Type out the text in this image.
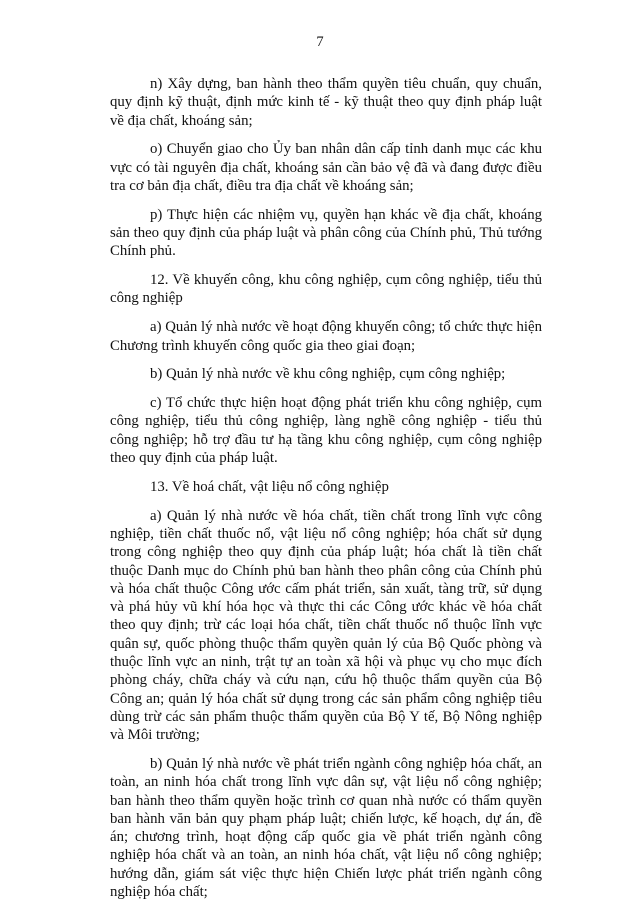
7

n) Xây dựng, ban hành theo thẩm quyền tiêu chuẩn, quy chuẩn, quy định kỹ thuật, định mức kinh tế - kỹ thuật theo quy định pháp luật về địa chất, khoáng sản;

o) Chuyển giao cho Ủy ban nhân dân cấp tỉnh danh mục các khu vực có tài nguyên địa chất, khoáng sản cần bảo vệ đã và đang được điều tra cơ bản địa chất, điều tra địa chất về khoáng sản;

p) Thực hiện các nhiệm vụ, quyền hạn khác về địa chất, khoáng sản theo quy định của pháp luật và phân công của Chính phủ, Thủ tướng Chính phủ.

12. Về khuyến công, khu công nghiệp, cụm công nghiệp, tiểu thủ công nghiệp

a) Quản lý nhà nước về hoạt động khuyến công; tổ chức thực hiện Chương trình khuyến công quốc gia theo giai đoạn;

b) Quản lý nhà nước về khu công nghiệp, cụm công nghiệp;

c) Tổ chức thực hiện hoạt động phát triển khu công nghiệp, cụm công nghiệp, tiểu thủ công nghiệp, làng nghề công nghiệp - tiểu thủ công nghiệp; hỗ trợ đầu tư hạ tầng khu công nghiệp, cụm công nghiệp theo quy định của pháp luật.

13. Về hoá chất, vật liệu nổ công nghiệp

a) Quản lý nhà nước về hóa chất, tiền chất trong lĩnh vực công nghiệp, tiền chất thuốc nổ, vật liệu nổ công nghiệp; hóa chất sử dụng trong công nghiệp theo quy định của pháp luật; hóa chất là tiền chất thuộc Danh mục do Chính phủ ban hành theo phân công của Chính phủ và hóa chất thuộc Công ước cấm phát triển, sản xuất, tàng trữ, sử dụng và phá hủy vũ khí hóa học và thực thi các Công ước khác về hóa chất theo quy định; trừ các loại hóa chất, tiền chất thuốc nổ thuộc lĩnh vực quân sự, quốc phòng thuộc thẩm quyền quản lý của Bộ Quốc phòng và thuộc lĩnh vực an ninh, trật tự an toàn xã hội và phục vụ cho mục đích phòng cháy, chữa cháy và cứu nạn, cứu hộ thuộc thẩm quyền của Bộ Công an; quản lý hóa chất sử dụng trong các sản phẩm công nghiệp tiêu dùng trừ các sản phẩm thuộc thẩm quyền của Bộ Y tế, Bộ Nông nghiệp và Môi trường;

b) Quản lý nhà nước về phát triển ngành công nghiệp hóa chất, an toàn, an ninh hóa chất trong lĩnh vực dân sự, vật liệu nổ công nghiệp; ban hành theo thẩm quyền hoặc trình cơ quan nhà nước có thẩm quyền ban hành văn bản quy phạm pháp luật; chiến lược, kế hoạch, dự án, đề án; chương trình, hoạt động cấp quốc gia về phát triển ngành công nghiệp hóa chất và an toàn, an ninh hóa chất, vật liệu nổ công nghiệp; hướng dẫn, giám sát việc thực hiện Chiến lược phát triển ngành công nghiệp hóa chất;
